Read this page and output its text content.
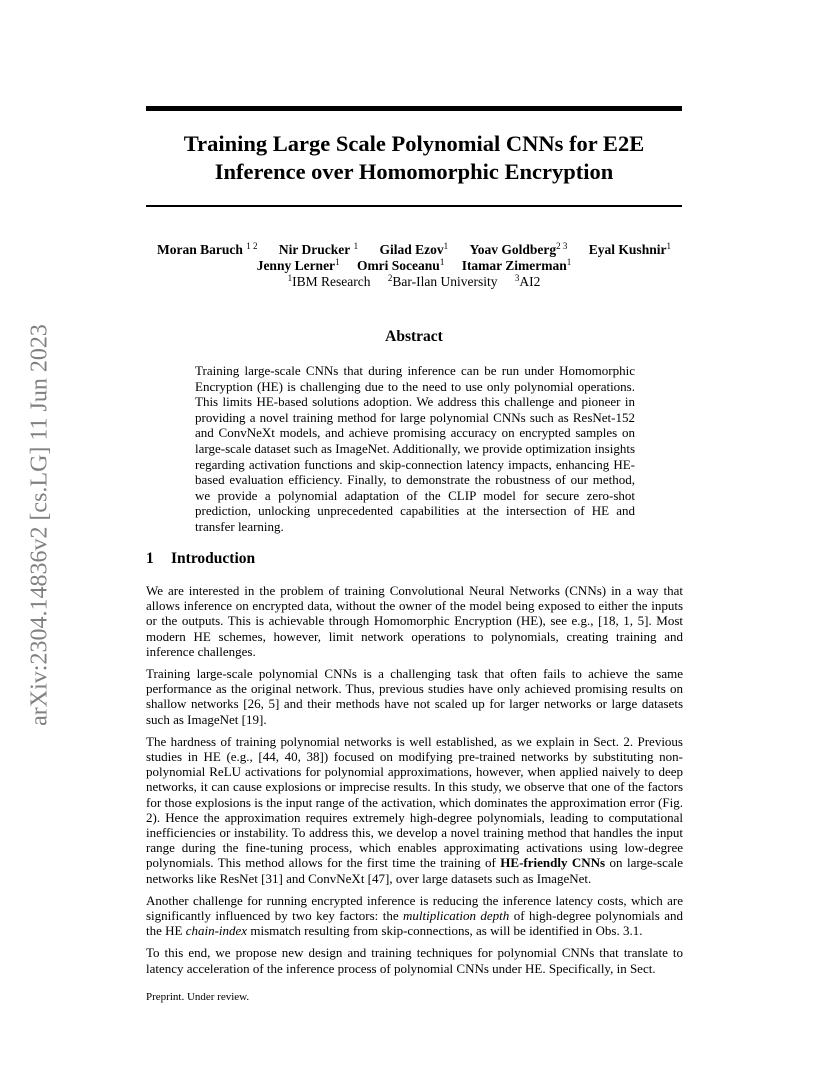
arXiv:2304.14836v2 [cs.LG] 11 Jun 2023
Training Large Scale Polynomial CNNs for E2E Inference over Homomorphic Encryption
Moran Baruch $^{1 2}$ Nir Drucker $^1$ Gilad Ezov$^1$ Yoav Goldberg$^{2 3}$ Eyal Kushnir$^1$
Jenny Lerner$^1$ Omri Soceanu$^1$ Itamar Zimerman$^1$
$^1$IBM Research $^2$Bar-Ilan University $^3$AI2
Abstract

Training large-scale CNNs that during inference can be run under Homomorphic Encryption (HE) is challenging due to the need to use only polynomial operations. This limits HE-based solutions adoption. We address this challenge and pioneer in providing a novel training method for large polynomial CNNs such as ResNet-152 and ConvNeXt models, and achieve promising accuracy on encrypted samples on large-scale dataset such as ImageNet. Additionally, we provide optimization insights regarding activation functions and skip-connection latency impacts, enhancing HE-based evaluation efficiency. Finally, to demonstrate the robustness of our method, we provide a polynomial adaptation of the CLIP model for secure zero-shot prediction, unlocking unprecedented capabilities at the intersection of HE and transfer learning.

1 Introduction

We are interested in the problem of training Convolutional Neural Networks (CNNs) in a way that allows inference on encrypted data, without the owner of the model being exposed to either the inputs or the outputs. This is achievable through Homomorphic Encryption (HE), see e.g., [18, 1, 5]. Most modern HE schemes, however, limit network operations to polynomials, creating training and inference challenges.

Training large-scale polynomial CNNs is a challenging task that often fails to achieve the same performance as the original network. Thus, previous studies have only achieved promising results on shallow networks [26, 5] and their methods have not scaled up for larger networks or large datasets such as ImageNet [19].

The hardness of training polynomial networks is well established, as we explain in Sect. 2. Previous studies in HE (e.g., [44, 40, 38]) focused on modifying pre-trained networks by substituting non-polynomial ReLU activations for polynomial approximations, however, when applied naively to deep networks, it can cause explosions or imprecise results. In this study, we observe that one of the factors for those explosions is the input range of the activation, which dominates the approximation error (Fig. 2). Hence the approximation requires extremely high-degree polynomials, leading to computational inefficiencies or instability. To address this, we develop a novel training method that handles the input range during the fine-tuning process, which enables approximating activations using low-degree polynomials. This method allows for the first time the training of HE-friendly CNNs on large-scale networks like ResNet [31] and ConvNeXt [47], over large datasets such as ImageNet.

Another challenge for running encrypted inference is reducing the inference latency costs, which are significantly influenced by two key factors: the multiplication depth of high-degree polynomials and the HE chain-index mismatch resulting from skip-connections, as will be identified in Obs. 3.1.

To this end, we propose new design and training techniques for polynomial CNNs that translate to latency acceleration of the inference process of polynomial CNNs under HE. Specifically, in Sect.

Preprint. Under review.
